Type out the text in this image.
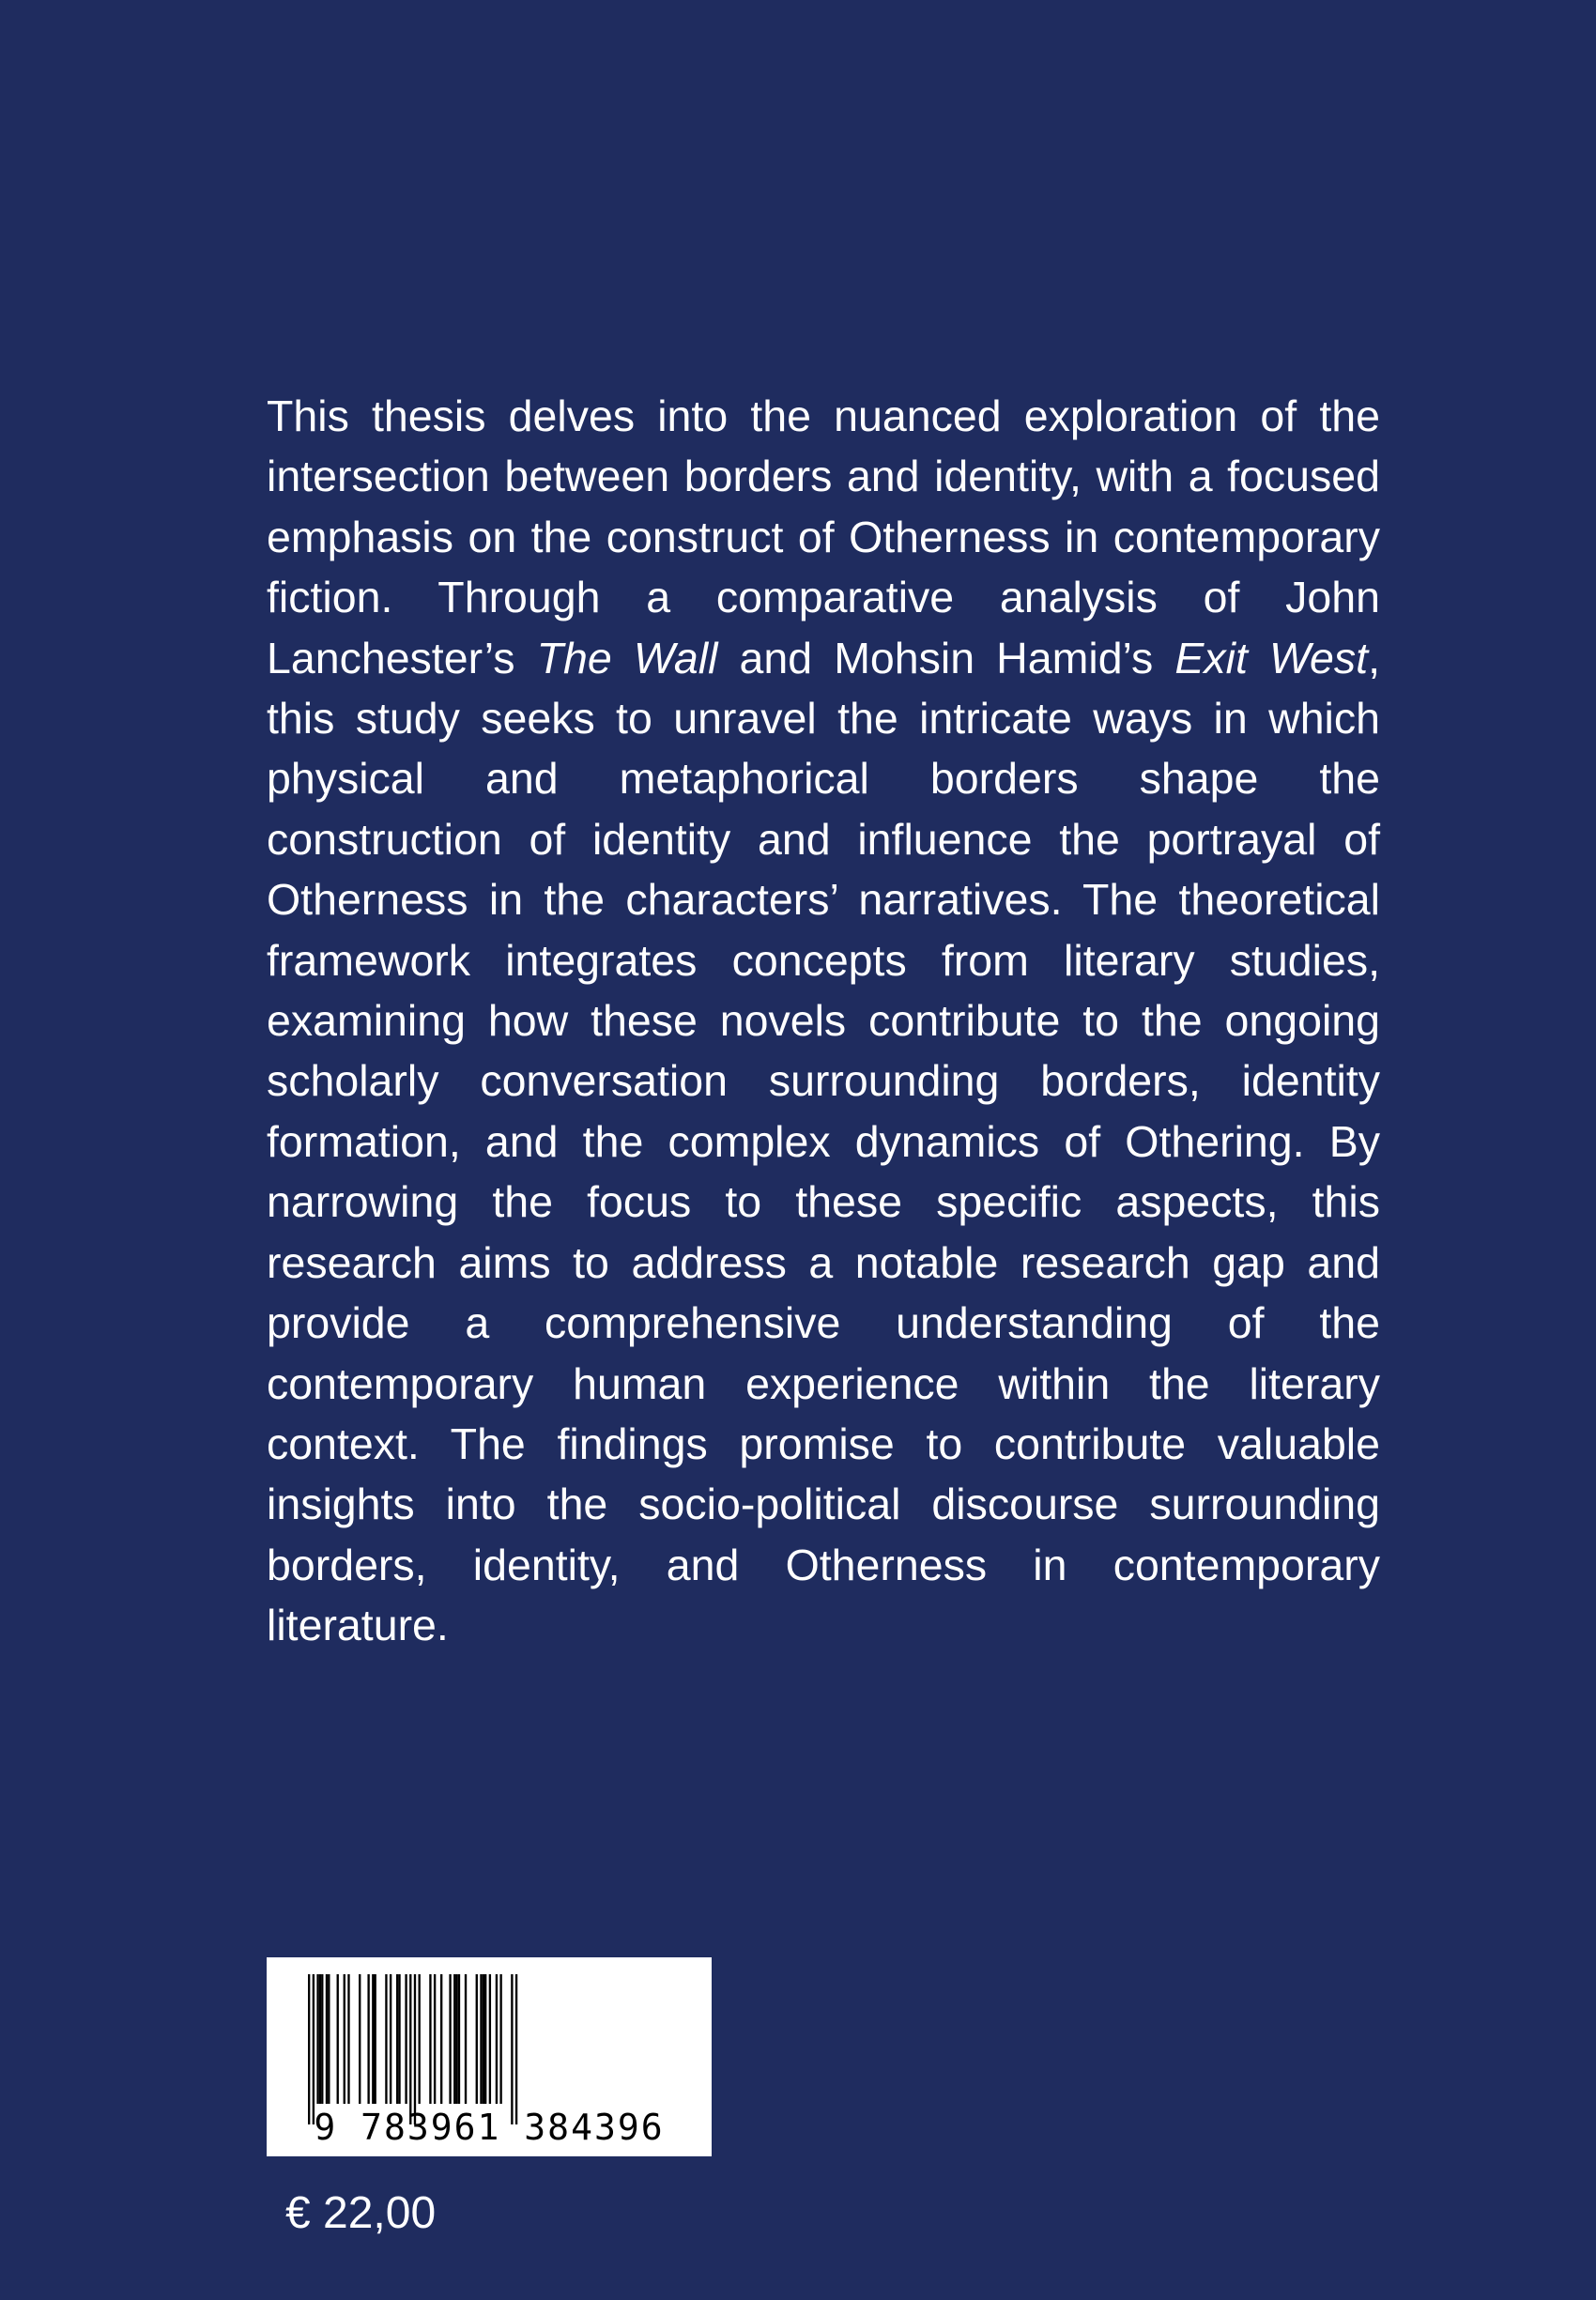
This thesis delves into the nuanced exploration of the intersection between borders and identity, with a focused emphasis on the construct of Otherness in contemporary fiction. Through a comparative analysis of John Lanchester’s The Wall and Mohsin Hamid’s Exit West, this study seeks to unravel the intricate ways in which physical and metaphorical borders shape the construction of identity and influence the portrayal of Otherness in the characters’ narratives. The theoretical framework integrates concepts from literary studies, examining how these novels contribute to the ongoing scholarly conversation surrounding borders, identity formation, and the complex dynamics of Othering. By narrowing the focus to these specific aspects, this research aims to address a notable research gap and provide a comprehensive understanding of the contemporary human experience within the literary context. The findings promise to contribute valuable insights into the socio-political discourse surrounding borders, identity, and Otherness in contemporary literature.

9 783961 384396
€ 22,00
